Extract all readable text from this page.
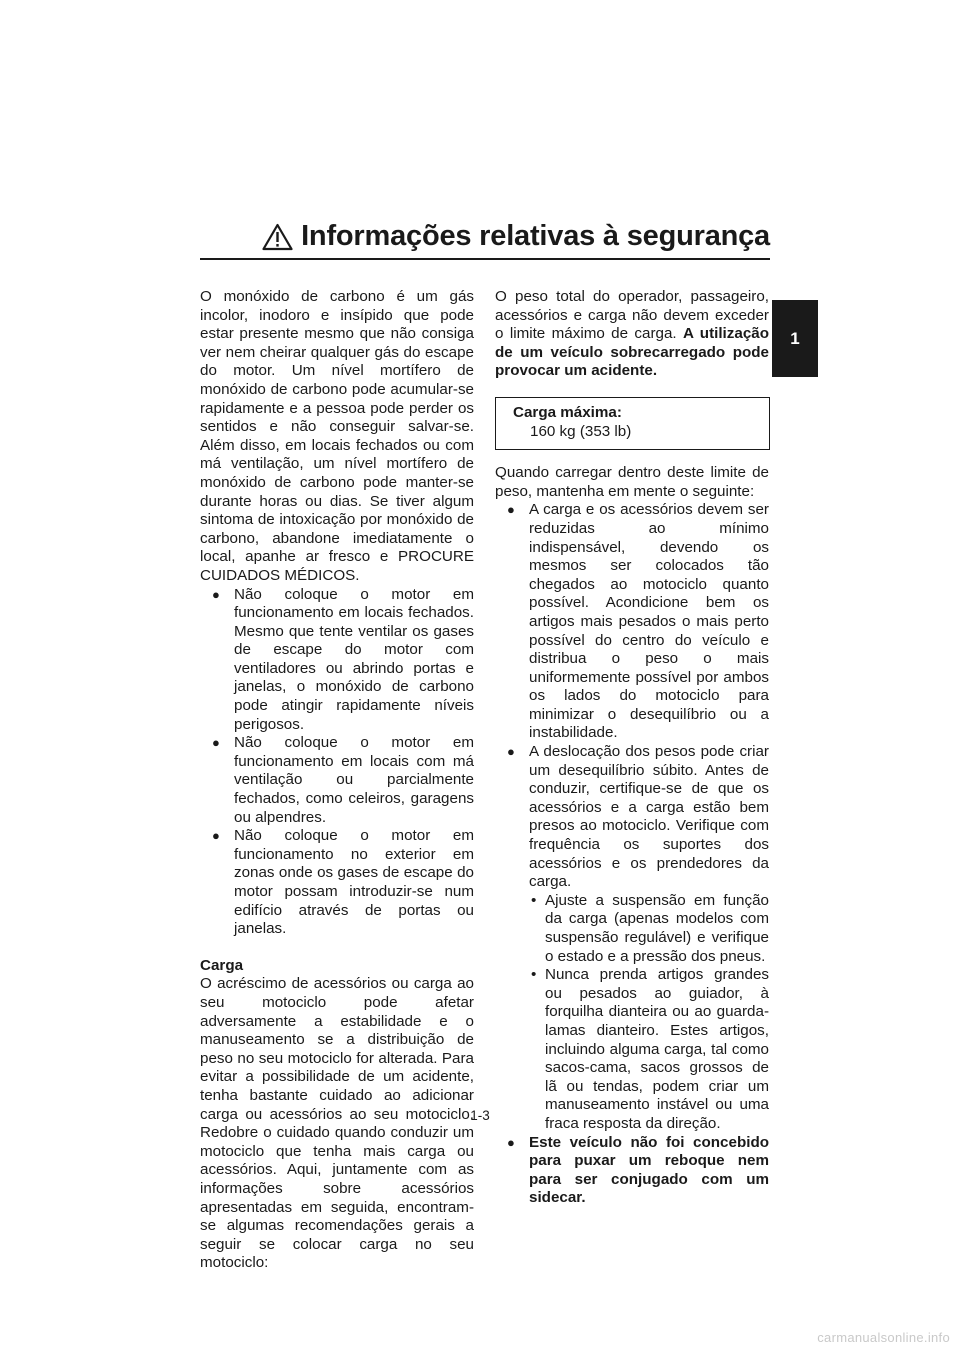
Informações relativas à segurança
1

O monóxido de carbono é um gás incolor, inodoro e insípido que pode estar presente mesmo que não consiga ver nem cheirar qualquer gás do escape do motor. Um nível mortífero de monóxido de carbono pode acumular-se rapidamente e a pessoa pode perder os sentidos e não conseguir salvar-se. Além disso, em locais fechados ou com má ventilação, um nível mortífero de monóxido de carbono pode manter-se durante horas ou dias. Se tiver algum sintoma de intoxicação por monóxido de carbono, abandone imediatamente o local, apanhe ar fresco e PROCURE CUIDADOS MÉDICOS.

● Não coloque o motor em funcionamento em locais fechados. Mesmo que tente ventilar os gases de escape do motor com ventiladores ou abrindo portas e janelas, o monóxido de carbono pode atingir rapidamente níveis perigosos.
● Não coloque o motor em funcionamento em locais com má ventilação ou parcialmente fechados, como celeiros, garagens ou alpendres.
● Não coloque o motor em funcionamento no exterior em zonas onde os gases de escape do motor possam introduzir-se num edifício através de portas ou janelas.

Carga

O acréscimo de acessórios ou carga ao seu motociclo pode afetar adversamente a estabilidade e o manuseamento se a distribuição de peso no seu motociclo for alterada. Para evitar a possibilidade de um acidente, tenha bastante cuidado ao adicionar carga ou acessórios ao seu motociclo. Redobre o cuidado quando conduzir um motociclo que tenha mais carga ou acessórios. Aqui, juntamente com as informações sobre acessórios apresentadas em seguida, encontram-se algumas recomendações gerais a seguir se colocar carga no seu motociclo:

O peso total do operador, passageiro, acessórios e carga não devem exceder o limite máximo de carga. A utilização de um veículo sobrecarregado pode provocar um acidente.

Carga máxima:
160 kg (353 lb)

Quando carregar dentro deste limite de peso, mantenha em mente o seguinte:

● A carga e os acessórios devem ser reduzidas ao mínimo indispensável, devendo os mesmos ser colocados tão chegados ao motociclo quanto possível. Acondicione bem os artigos mais pesados o mais perto possível do centro do veículo e distribua o peso o mais uniformemente possível por ambos os lados do motociclo para minimizar o desequilíbrio ou a instabilidade.
● A deslocação dos pesos pode criar um desequilíbrio súbito. Antes de conduzir, certifique-se de que os acessórios e a carga estão bem presos ao motociclo. Verifique com frequência os suportes dos acessórios e os prendedores da carga.
• Ajuste a suspensão em função da carga (apenas modelos com suspensão regulável) e verifique o estado e a pressão dos pneus.
• Nunca prenda artigos grandes ou pesados ao guiador, à forquilha dianteira ou ao guarda-lamas dianteiro. Estes artigos, incluindo alguma carga, tal como sacos-cama, sacos grossos de lã ou tendas, podem criar um manuseamento instável ou uma fraca resposta da direção.
● Este veículo não foi concebido para puxar um reboque nem para ser conjugado com um sidecar.
1-3
carmanualsonline.info
